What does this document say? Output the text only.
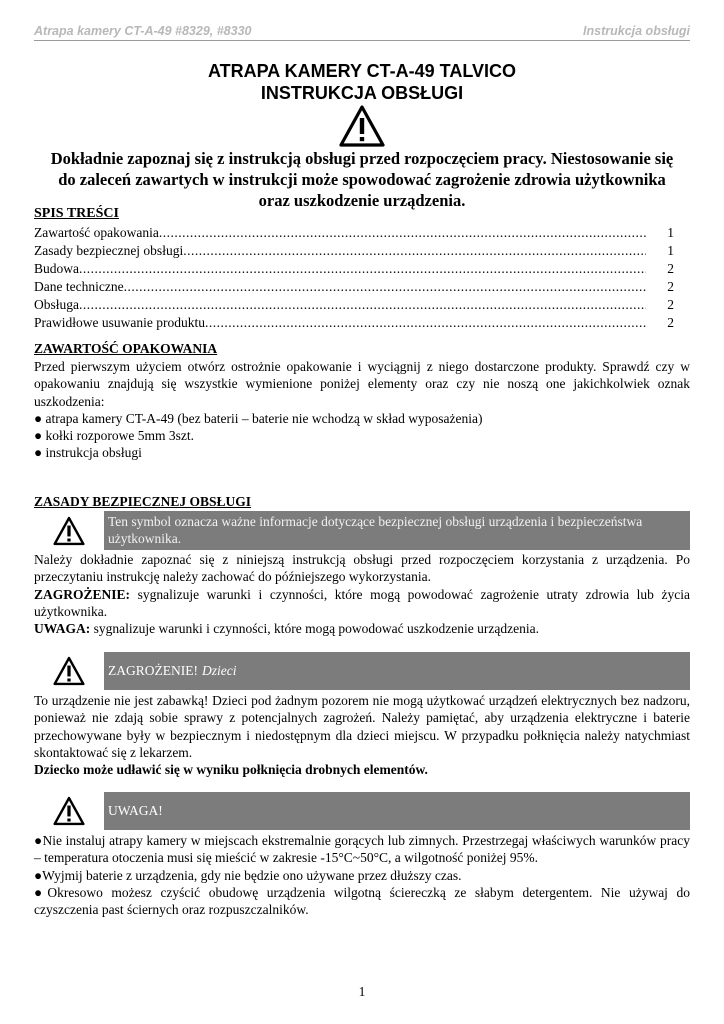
Atrapa kamery CT-A-49 #8329, #8330	Instrukcja obsługi
ATRAPA KAMERY CT-A-49 TALVICO
INSTRUKCJA OBSŁUGI
Dokładnie zapoznaj się z instrukcją obsługi przed rozpoczęciem pracy. Niestosowanie się
do zaleceń zawartych w instrukcji może spowodować zagrożenie zdrowia użytkownika
oraz uszkodzenie urządzenia.
SPIS TREŚCI
Zawartość opakowania .....	1
Zasady bezpiecznej obsługi .....	1
Budowa .....	2
Dane techniczne .....	2
Obsługa .....	2
Prawidłowe usuwanie produktu .....	2
ZAWARTOŚĆ OPAKOWANIA

Przed pierwszym użyciem otwórz ostrożnie opakowanie i wyciągnij z niego dostarczone produkty. Sprawdź czy w opakowaniu znajdują się wszystkie wymienione poniżej elementy oraz czy nie noszą one jakichkolwiek oznak uszkodzenia:

● atrapa kamery CT-A-49 (bez baterii – baterie nie wchodzą w skład wyposażenia)

● kołki rozporowe 5mm 3szt.

● instrukcja obsługi

ZASADY BEZPIECZNEJ OBSŁUGI
Ten symbol oznacza ważne informacje dotyczące bezpiecznej obsługi urządzenia i bezpieczeństwa użytkownika.

Należy dokładnie zapoznać się z niniejszą instrukcją obsługi przed rozpoczęciem korzystania z urządzenia. Po przeczytaniu instrukcję należy zachować do późniejszego wykorzystania.

ZAGROŻENIE: sygnalizuje warunki i czynności, które mogą powodować zagrożenie utraty zdrowia lub życia użytkownika.

UWAGA: sygnalizuje warunki i czynności, które mogą powodować uszkodzenie urządzenia.

ZAGROŻENIE! Dzieci

To urządzenie nie jest zabawką! Dzieci pod żadnym pozorem nie mogą użytkować urządzeń elektrycznych bez nadzoru, ponieważ nie zdają sobie sprawy z potencjalnych zagrożeń. Należy pamiętać, aby urządzenia elektryczne i baterie przechowywane były w bezpiecznym i niedostępnym dla dzieci miejscu. W przypadku połknięcia należy natychmiast skontaktować się z lekarzem.

Dziecko może udławić się w wyniku połknięcia drobnych elementów.

UWAGA!

●Nie instaluj atrapy kamery w miejscach ekstremalnie gorących lub zimnych. Przestrzegaj właściwych warunków pracy – temperatura otoczenia musi się mieścić w zakresie -15°C~50°C, a wilgotność poniżej 95%.

●Wyjmij baterie z urządzenia, gdy nie będzie ono używane przez dłuższy czas.

●Okresowo możesz czyścić obudowę urządzenia wilgotną ściereczką ze słabym detergentem. Nie używaj do czyszczenia past ściernych oraz rozpuszczalników.

1
